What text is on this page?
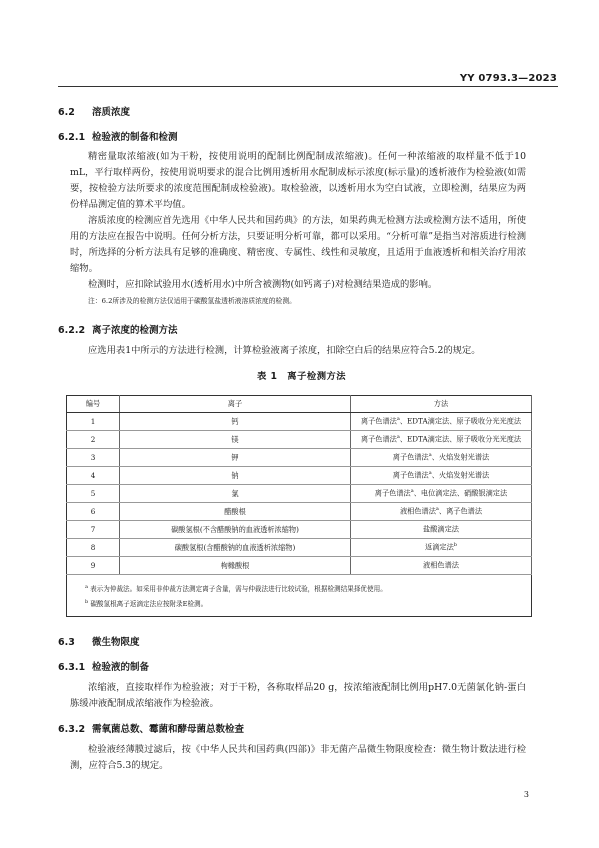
YY 0793.3—2023
6.2 溶质浓度
6.2.1 检验液的制备和检测
精密量取浓缩液(如为干粉，按使用说明的配制比例配制成浓缩液)。任何一种浓缩液的取样量不低于10 mL，平行取样两份，按使用说明要求的混合比例用透析用水配制成标示浓度(标示量)的透析液作为检验液(如需要，按检验方法所要求的浓度范围配制成检验液)。取检验液，以透析用水为空白试液，立即检测，结果应为两份样品测定值的算术平均值。
溶质浓度的检测应首先选用《中华人民共和国药典》的方法，如果药典无检测方法或检测方法不适用，所使用的方法应在报告中说明。任何分析方法，只要证明分析可靠，都可以采用。“分析可靠”是指当对溶质进行检测时，所选择的分析方法具有足够的准确度、精密度、专属性、线性和灵敏度，且适用于血液透析和相关治疗用浓缩物。
检测时，应扣除试验用水(透析用水)中所含被测物(如钙离子)对检测结果造成的影响。
注：6.2所涉及的检测方法仅适用于碳酸氢盐透析液溶质浓度的检测。
6.2.2 离子浓度的检测方法
应选用表1中所示的方法进行检测，计算检验液离子浓度，扣除空白后的结果应符合5.2的规定。
表 1　离子检测方法
编号	离子	方法
1	钙	离子色谱法$^a$、EDTA滴定法、原子吸收分光光度法
2	镁	离子色谱法$^a$、EDTA滴定法、原子吸收分光光度法
3	钾	离子色谱法$^a$、火焰发射光谱法
4	钠	离子色谱法$^a$、火焰发射光谱法
5	氯	离子色谱法$^a$、电位滴定法、硝酸银滴定法
6	醋酸根	液相色谱法$^a$、离子色谱法
7	碳酸氢根(不含醋酸钠的血液透析浓缩物)	盐酸滴定法
8	碳酸氢根(含醋酸钠的血液透析浓缩物)	返滴定法$^b$
9	枸橼酸根	液相色谱法

$^a$ 表示为仲裁法。如采用非仲裁方法测定离子含量，需与仲裁法进行比较试验，根据检测结果择优使用。
$^b$ 碳酸氢根离子返滴定法应按附录E检测。		
6.3 微生物限度
6.3.1 检验液的制备
浓缩液，直接取样作为检验液；对于干粉，各称取样品20 g，按浓缩液配制比例用pH7.0无菌氯化钠-蛋白胨缓冲液配制成浓缩液作为检验液。
6.3.2 需氧菌总数、霉菌和酵母菌总数检查
检验液经薄膜过滤后，按《中华人民共和国药典(四部)》非无菌产品微生物限度检查：微生物计数法进行检测，应符合5.3的规定。
3
